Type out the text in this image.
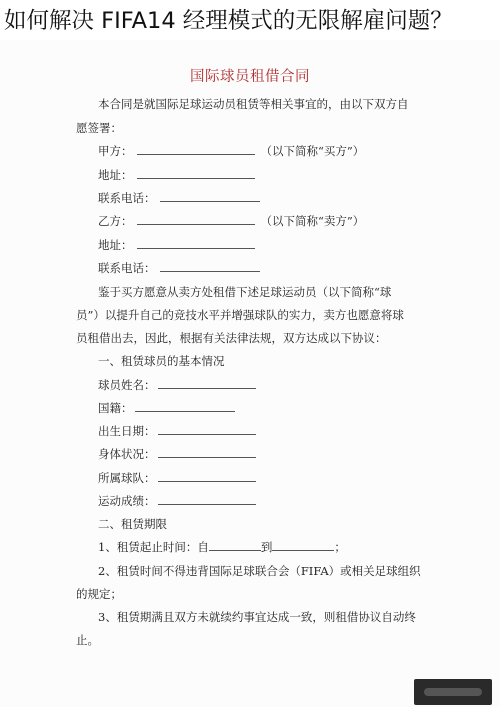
如何解决 FIFA14 经理模式的无限解雇问题？
国际球员租借合同
本合同是就国际足球运动员租赁等相关事宜的，由以下双方自
愿签署：
甲方：	（以下简称“买方”）
地址：
联系电话：
乙方：	（以下简称“卖方”）
地址：
联系电话：
鉴于买方愿意从卖方处租借下述足球运动员（以下简称“球
员”）以提升自己的竞技水平并增强球队的实力，卖方也愿意将球
员租借出去，因此，根据有关法律法规，双方达成以下协议：
一、租赁球员的基本情况
球员姓名：
国籍：
出生日期：
身体状况：
所属球队：
运动成绩：
二、租赁期限
1、租赁起止时间：自	到	；
2、租赁时间不得违背国际足球联合会（FIFA）或相关足球组织
的规定；
3、租赁期满且双方未就续约事宜达成一致，则租借协议自动终
止。
